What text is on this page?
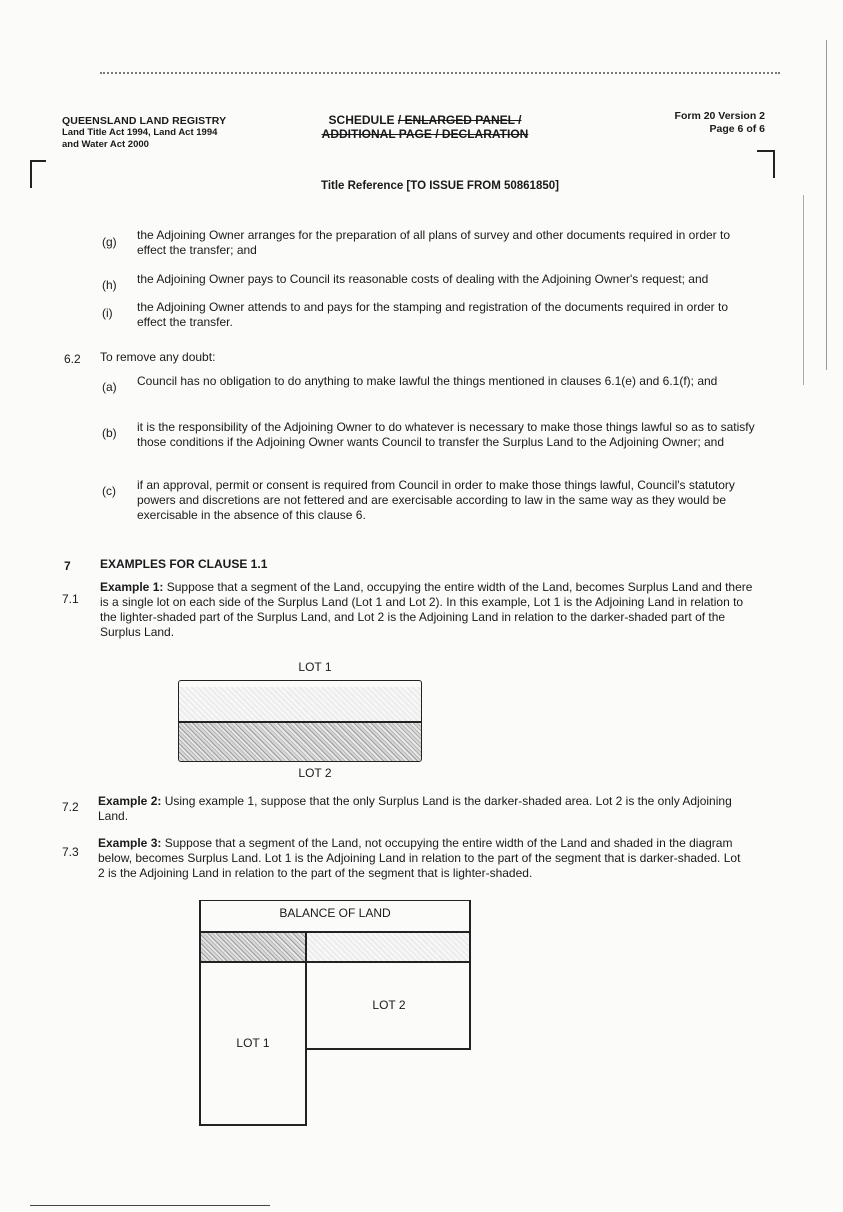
QUEENSLAND LAND REGISTRY
Land Title Act 1994, Land Act 1994
and Water Act 2000
SCHEDULE / ENLARGED PANEL /
ADDITIONAL PAGE / DECLARATION
Form 20 Version 2
Page 6 of 6
Title Reference [TO ISSUE FROM 50861850]
(g) the Adjoining Owner arranges for the preparation of all plans of survey and other documents required in order to effect the transfer; and
(h) the Adjoining Owner pays to Council its reasonable costs of dealing with the Adjoining Owner's request; and
(i) the Adjoining Owner attends to and pays for the stamping and registration of the documents required in order to effect the transfer.
6.2 To remove any doubt:
(a) Council has no obligation to do anything to make lawful the things mentioned in clauses 6.1(e) and 6.1(f); and
(b) it is the responsibility of the Adjoining Owner to do whatever is necessary to make those things lawful so as to satisfy those conditions if the Adjoining Owner wants Council to transfer the Surplus Land to the Adjoining Owner; and
(c) if an approval, permit or consent is required from Council in order to make those things lawful, Council's statutory powers and discretions are not fettered and are exercisable according to law in the same way as they would be exercisable in the absence of this clause 6.
7 EXAMPLES FOR CLAUSE 1.1
7.1
Example 1: Suppose that a segment of the Land, occupying the entire width of the Land, becomes Surplus Land and there is a single lot on each side of the Surplus Land (Lot 1 and Lot 2). In this example, Lot 1 is the Adjoining Land in relation to the lighter-shaded part of the Surplus Land, and Lot 2 is the Adjoining Land in relation to the darker-shaded part of the Surplus Land.
LOT 1
LOT 2
7.2 Example 2: Using example 1, suppose that the only Surplus Land is the darker-shaded area. Lot 2 is the only Adjoining Land.
7.3
Example 3: Suppose that a segment of the Land, not occupying the entire width of the Land and shaded in the diagram below, becomes Surplus Land. Lot 1 is the Adjoining Land in relation to the part of the segment that is darker-shaded. Lot 2 is the Adjoining Land in relation to the part of the segment that is lighter-shaded.
BALANCE OF LAND
LOT 2
LOT 1
